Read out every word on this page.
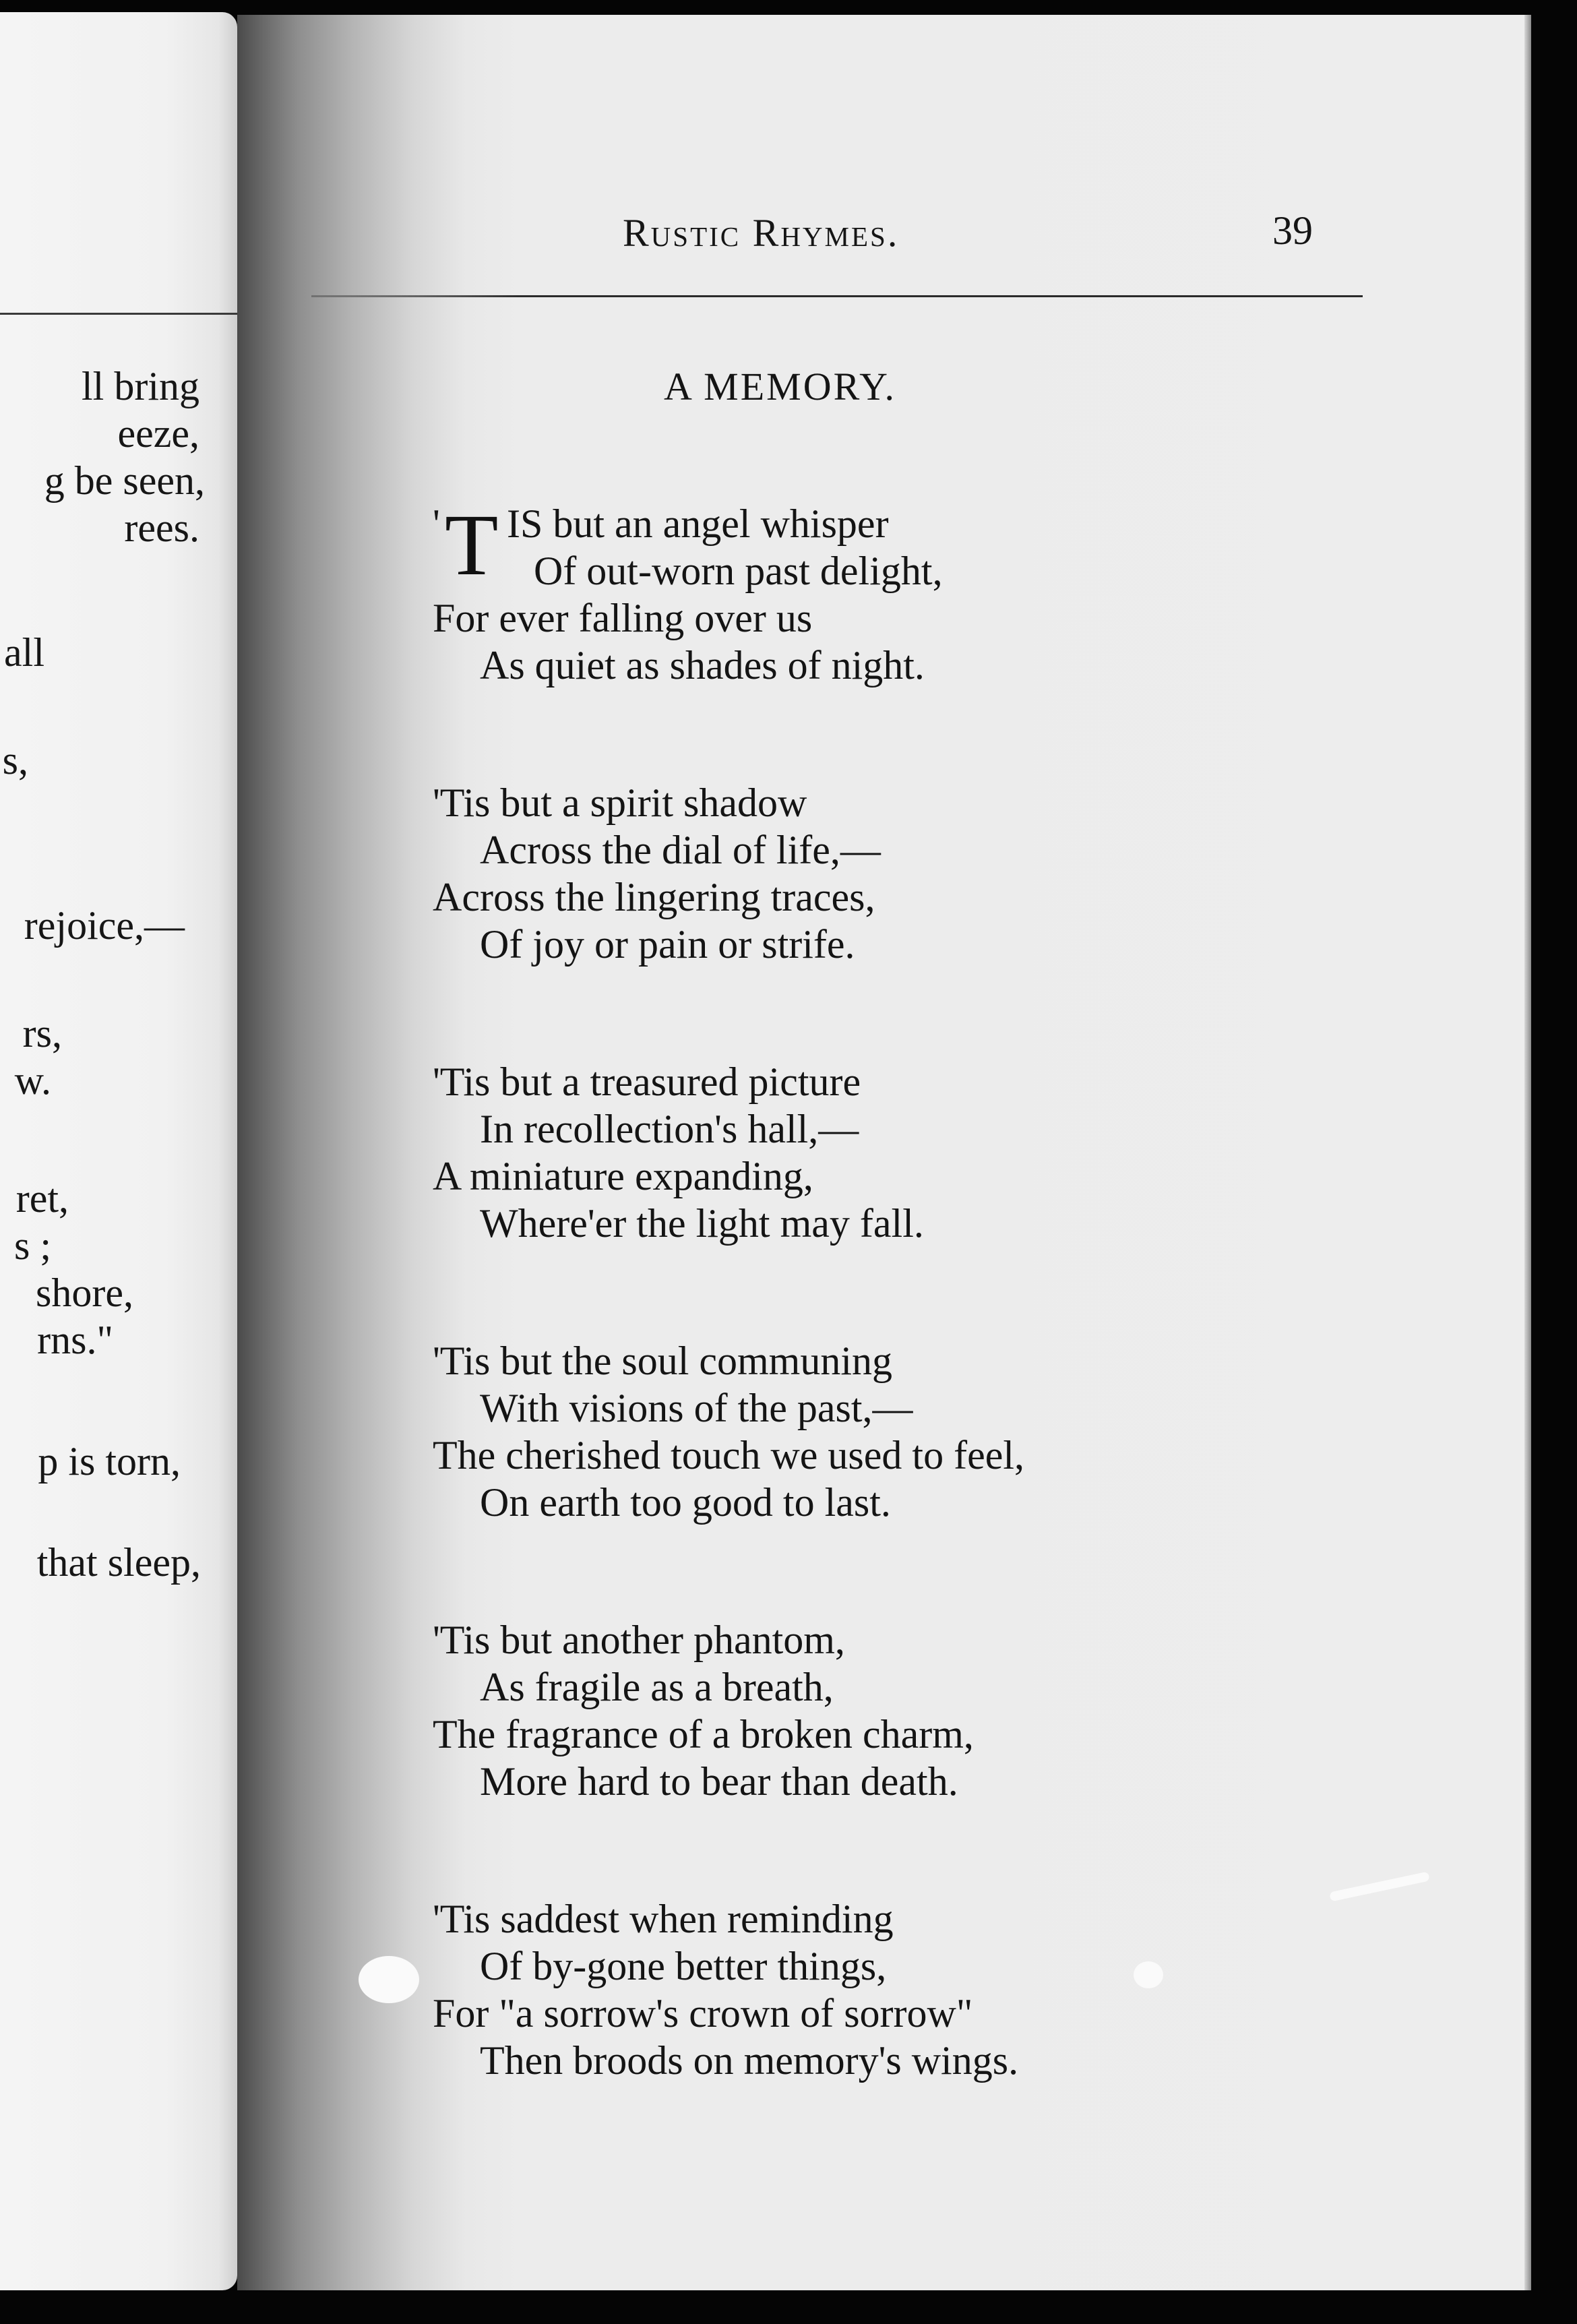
ll bring
eeze,
g be seen,
rees.
all
s,
rejoice,—
rs,
w.
ret,
s ;
shore,
rns."
p is torn,
that sleep,
Rustic Rhymes.	39
A MEMORY.
' T IS but an angel whisper
Of out-worn past delight,
For ever falling over us
As quiet as shades of night.
'Tis but a spirit shadow
Across the dial of life,—
Across the lingering traces,
Of joy or pain or strife.
'Tis but a treasured picture
In recollection's hall,—
A miniature expanding,
Where'er the light may fall.
'Tis but the soul communing
With visions of the past,—
The cherished touch we used to feel,
On earth too good to last.
'Tis but another phantom,
As fragile as a breath,
The fragrance of a broken charm,
More hard to bear than death.
'Tis saddest when reminding
Of by-gone better things,
For "a sorrow's crown of sorrow"
Then broods on memory's wings.
